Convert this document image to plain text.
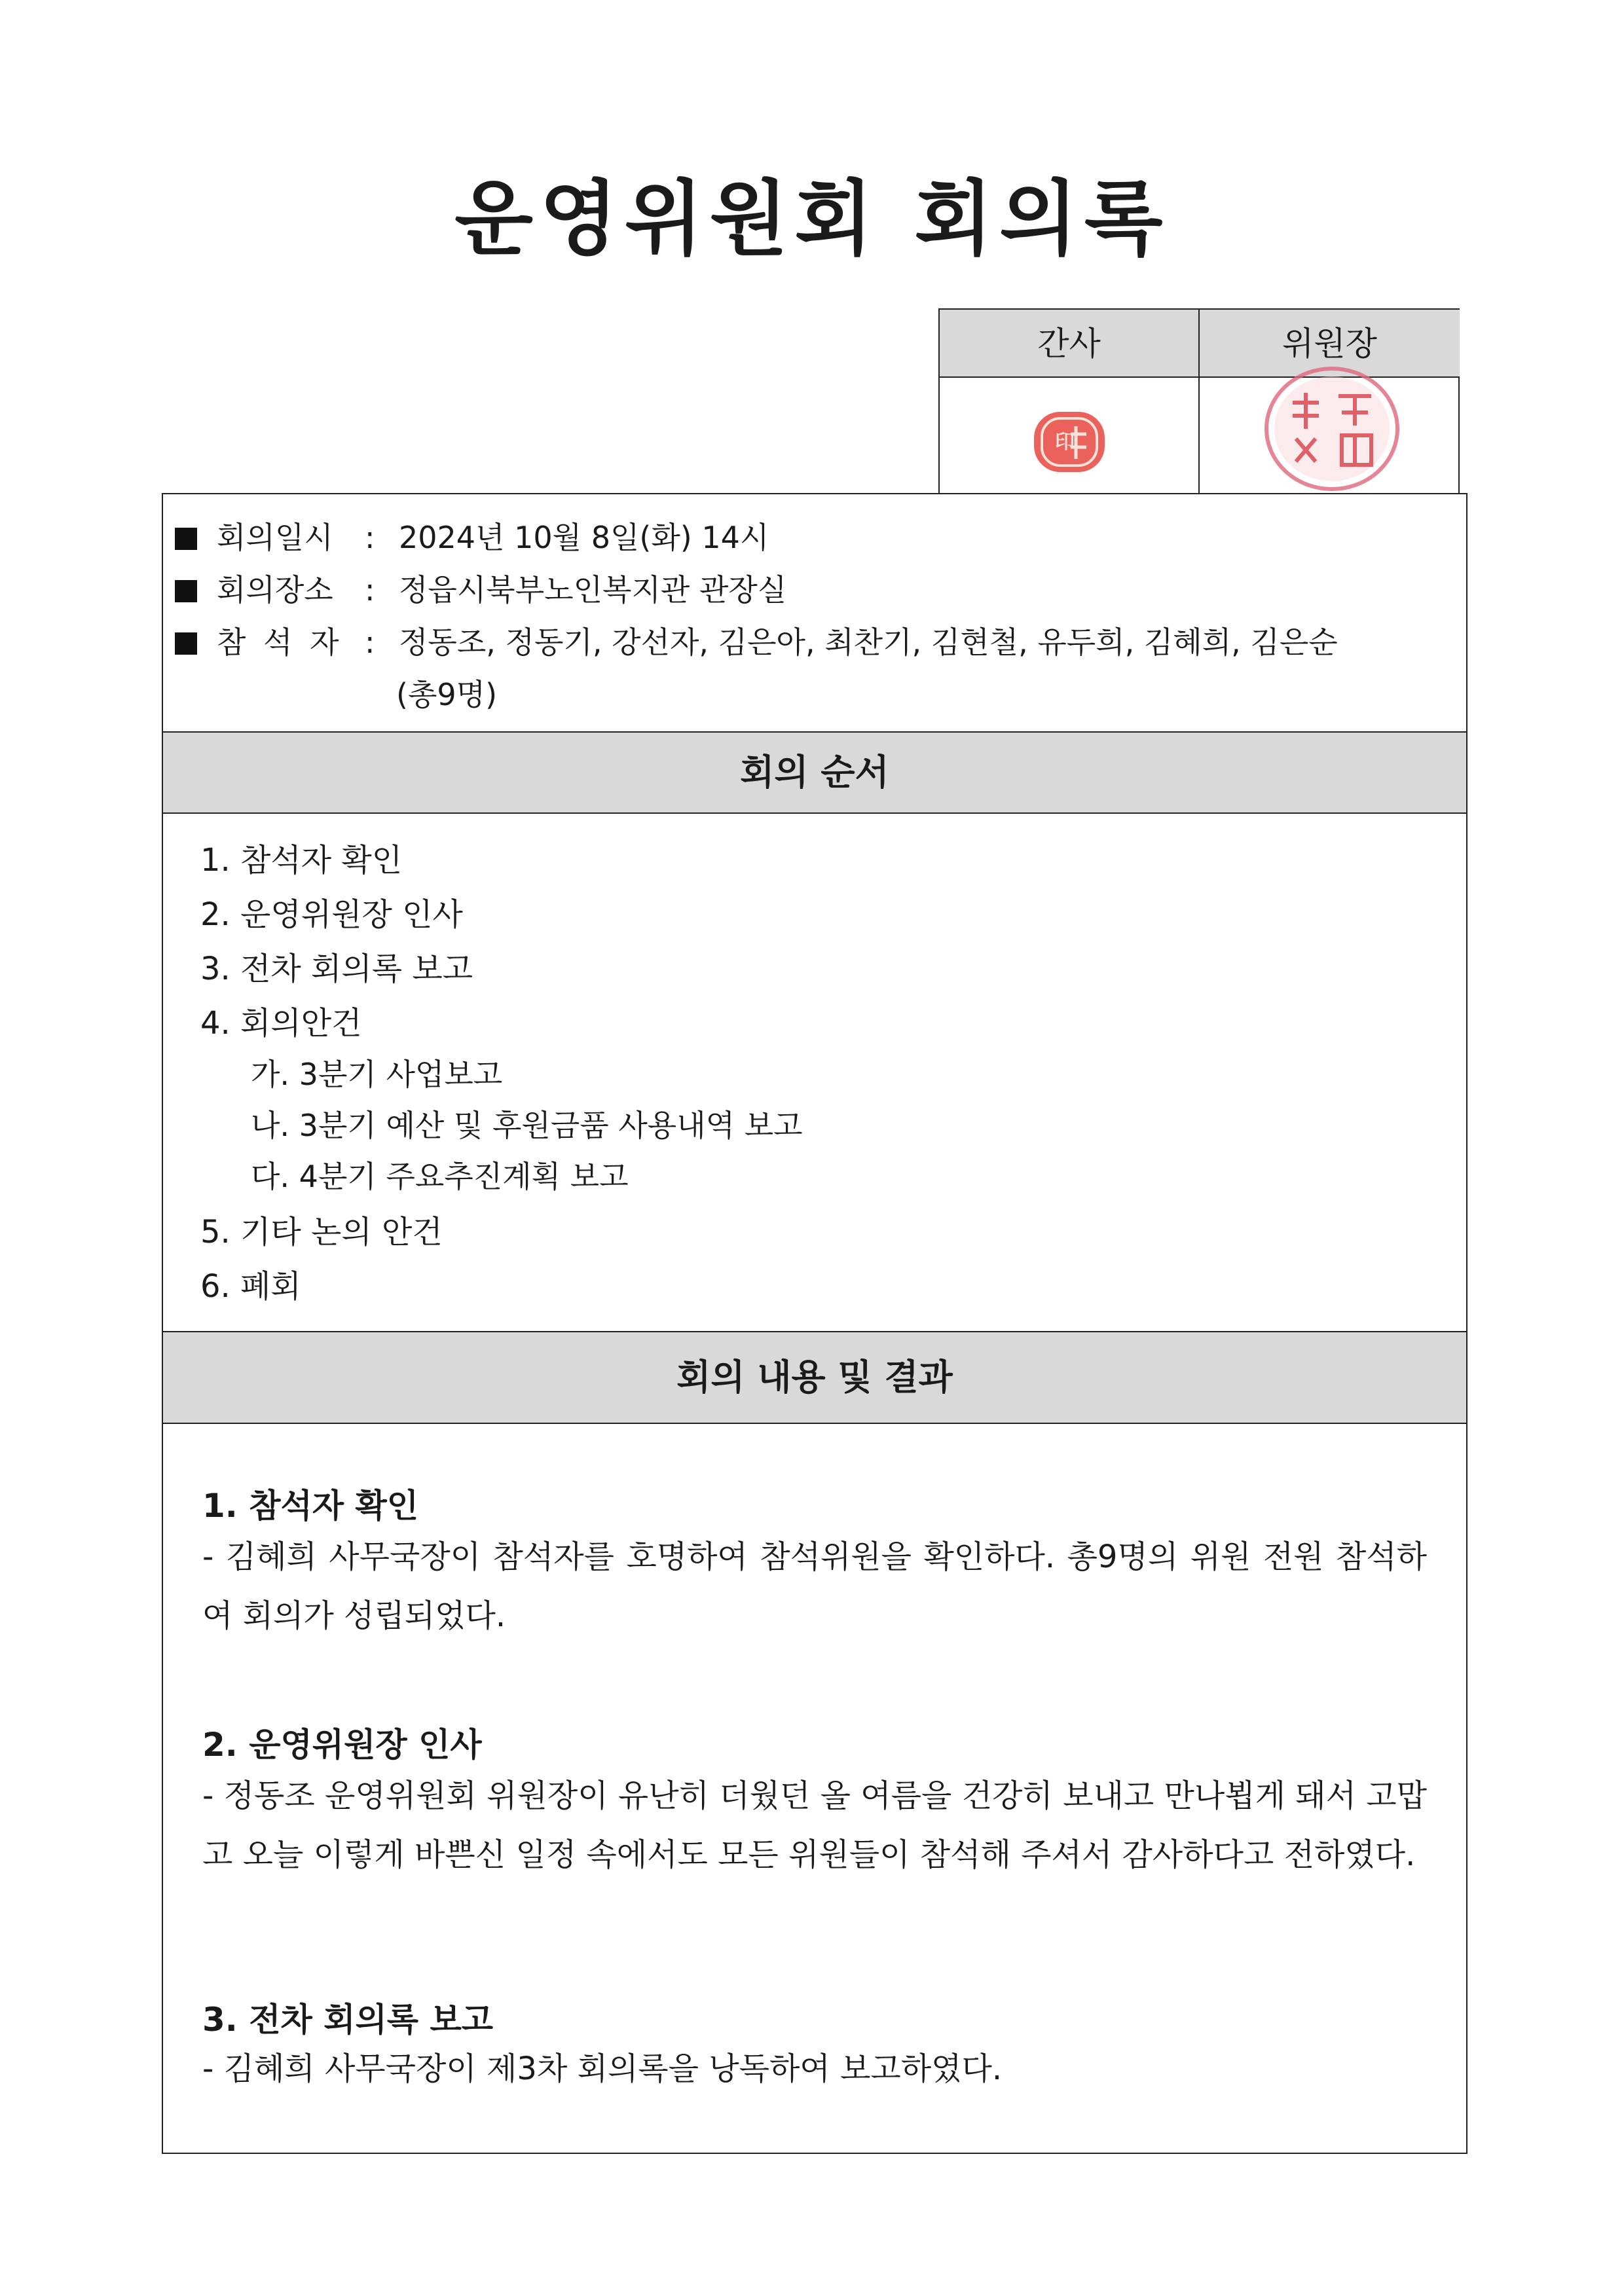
운영위원회 회의록
간사	위원장
印
회의일시 : 2024년 10월 8일(화) 14시
회의장소 : 정읍시북부노인복지관 관장실
참 석 자 : 정동조, 정동기, 강선자, 김은아, 최찬기, 김현철, 유두희, 김혜희, 김은순
(총9명)
회의 순서
1. 참석자 확인
2. 운영위원장 인사
3. 전차 회의록 보고
4. 회의안건
가. 3분기 사업보고
나. 3분기 예산 및 후원금품 사용내역 보고
다. 4분기 주요추진계획 보고
5. 기타 논의 안건
6. 폐회
회의 내용 및 결과
1. 참석자 확인
- 김혜희 사무국장이 참석자를 호명하여 참석위원을 확인하다. 총9명의 위원 전원 참석하여 회의가 성립되었다.
2. 운영위원장 인사
- 정동조 운영위원회 위원장이 유난히 더웠던 올 여름을 건강히 보내고 만나뵙게 돼서 고맙고 오늘 이렇게 바쁜신 일정 속에서도 모든 위원들이 참석해 주셔서 감사하다고 전하였다.
3. 전차 회의록 보고
- 김혜희 사무국장이 제3차 회의록을 낭독하여 보고하였다.
